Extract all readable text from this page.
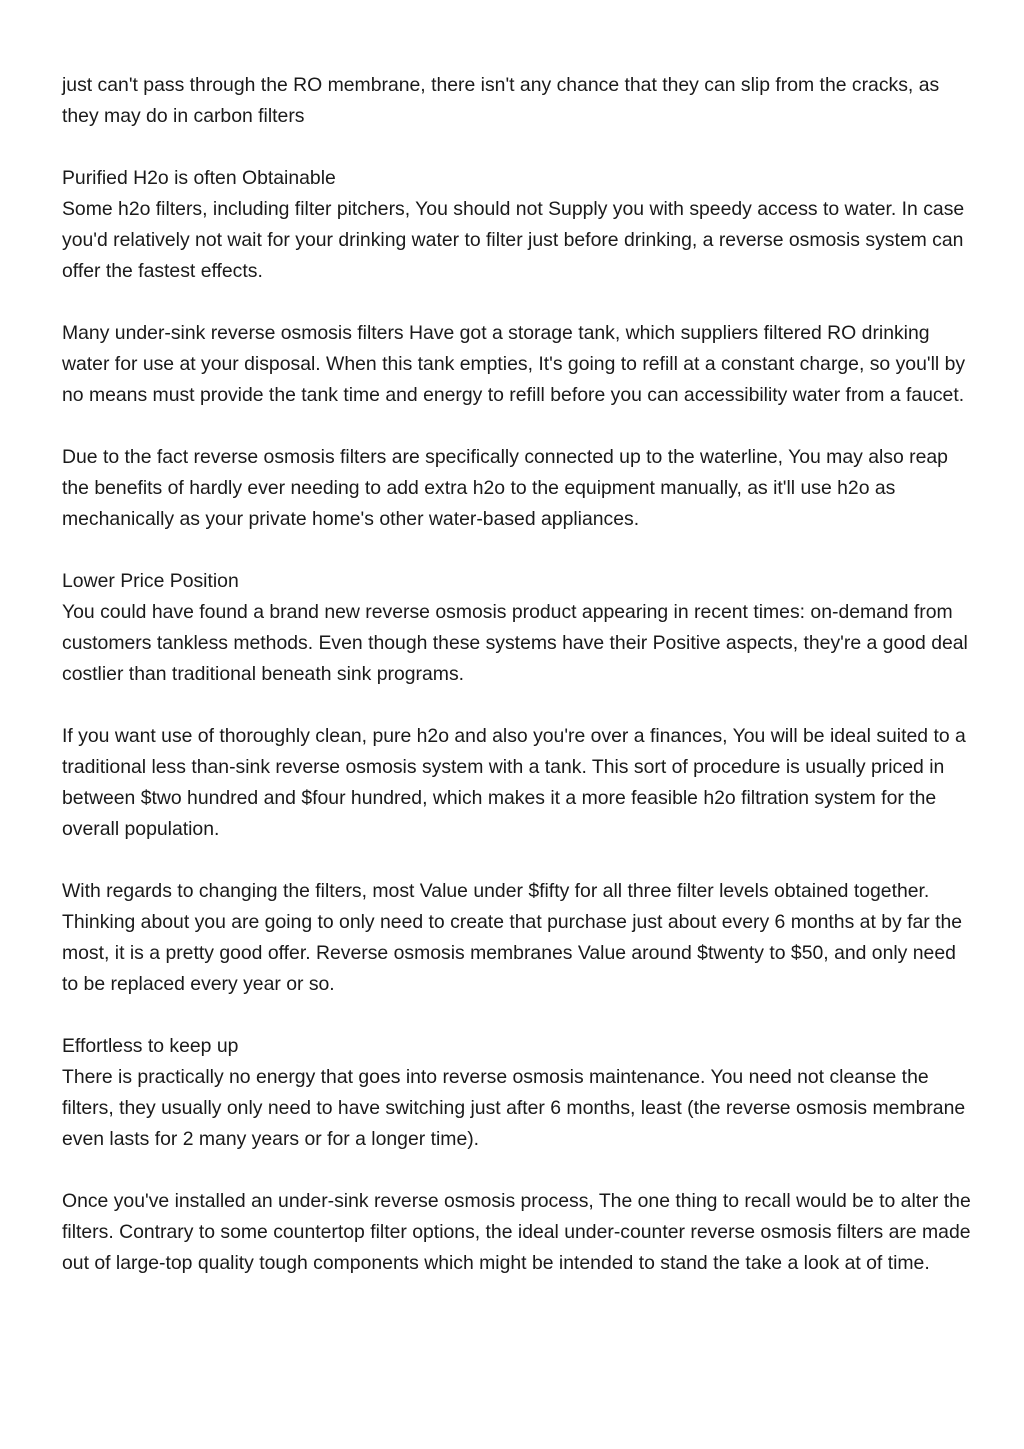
just can't pass through the RO membrane, there isn't any chance that they can slip from the cracks, as they may do in carbon filters

Purified H2o is often Obtainable

Some h2o filters, including filter pitchers, You should not Supply you with speedy access to water. In case you'd relatively not wait for your drinking water to filter just before drinking, a reverse osmosis system can offer the fastest effects.

Many under-sink reverse osmosis filters Have got a storage tank, which suppliers filtered RO drinking water for use at your disposal. When this tank empties, It's going to refill at a constant charge, so you'll by no means must provide the tank time and energy to refill before you can accessibility water from a faucet.

Due to the fact reverse osmosis filters are specifically connected up to the waterline, You may also reap the benefits of hardly ever needing to add extra h2o to the equipment manually, as it'll use h2o as mechanically as your private home's other water-based appliances.

Lower Price Position

You could have found a brand new reverse osmosis product appearing in recent times: on-demand from customers tankless methods. Even though these systems have their Positive aspects, they're a good deal costlier than traditional beneath sink programs.

If you want use of thoroughly clean, pure h2o and also you're over a finances, You will be ideal suited to a traditional less than-sink reverse osmosis system with a tank. This sort of procedure is usually priced in between $two hundred and $four hundred, which makes it a more feasible h2o filtration system for the overall population.

With regards to changing the filters, most Value under $fifty for all three filter levels obtained together. Thinking about you are going to only need to create that purchase just about every 6 months at by far the most, it is a pretty good offer. Reverse osmosis membranes Value around $twenty to $50, and only need to be replaced every year or so.

Effortless to keep up

There is practically no energy that goes into reverse osmosis maintenance. You need not cleanse the filters, they usually only need to have switching just after 6 months, least (the reverse osmosis membrane even lasts for 2 many years or for a longer time).

Once you've installed an under-sink reverse osmosis process, The one thing to recall would be to alter the filters. Contrary to some countertop filter options, the ideal under-counter reverse osmosis filters are made out of large-top quality tough components which might be intended to stand the take a look at of time.
